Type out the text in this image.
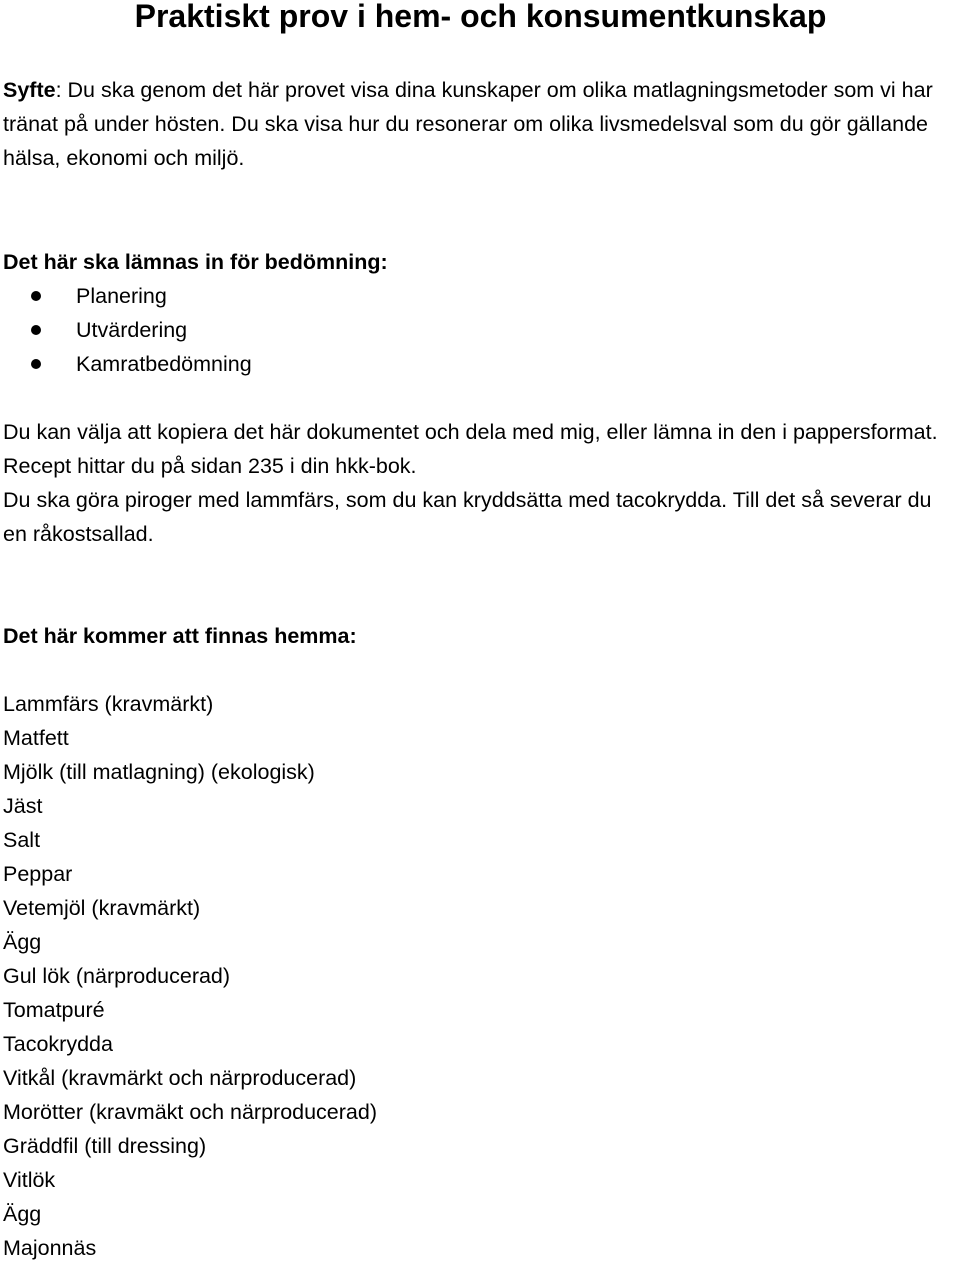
Praktiskt prov i hem- och konsumentkunskap

Syfte: Du ska genom det här provet visa dina kunskaper om olika matlagningsmetoder som vi har tränat på under hösten. Du ska visa hur du resonerar om olika livsmedelsval som du gör gällande hälsa, ekonomi och miljö.

Det här ska lämnas in för bedömning:
Planering
Utvärdering
Kamratbedömning

Du kan välja att kopiera det här dokumentet och dela med mig, eller lämna in den i pappersformat.

Recept hittar du på sidan 235 i din hkk-bok.

Du ska göra piroger med lammfärs, som du kan kryddsätta med tacokrydda. Till det så severar du en råkostsallad.

Det här kommer att finnas hemma:
Lammfärs (kravmärkt)
Matfett
Mjölk (till matlagning) (ekologisk)
Jäst
Salt
Peppar
Vetemjöl (kravmärkt)
Ägg
Gul lök (närproducerad)
Tomatpuré
Tacokrydda
Vitkål (kravmärkt och närproducerad)
Morötter (kravmäkt och närproducerad)
Gräddfil (till dressing)
Vitlök
Ägg
Majonnäs
